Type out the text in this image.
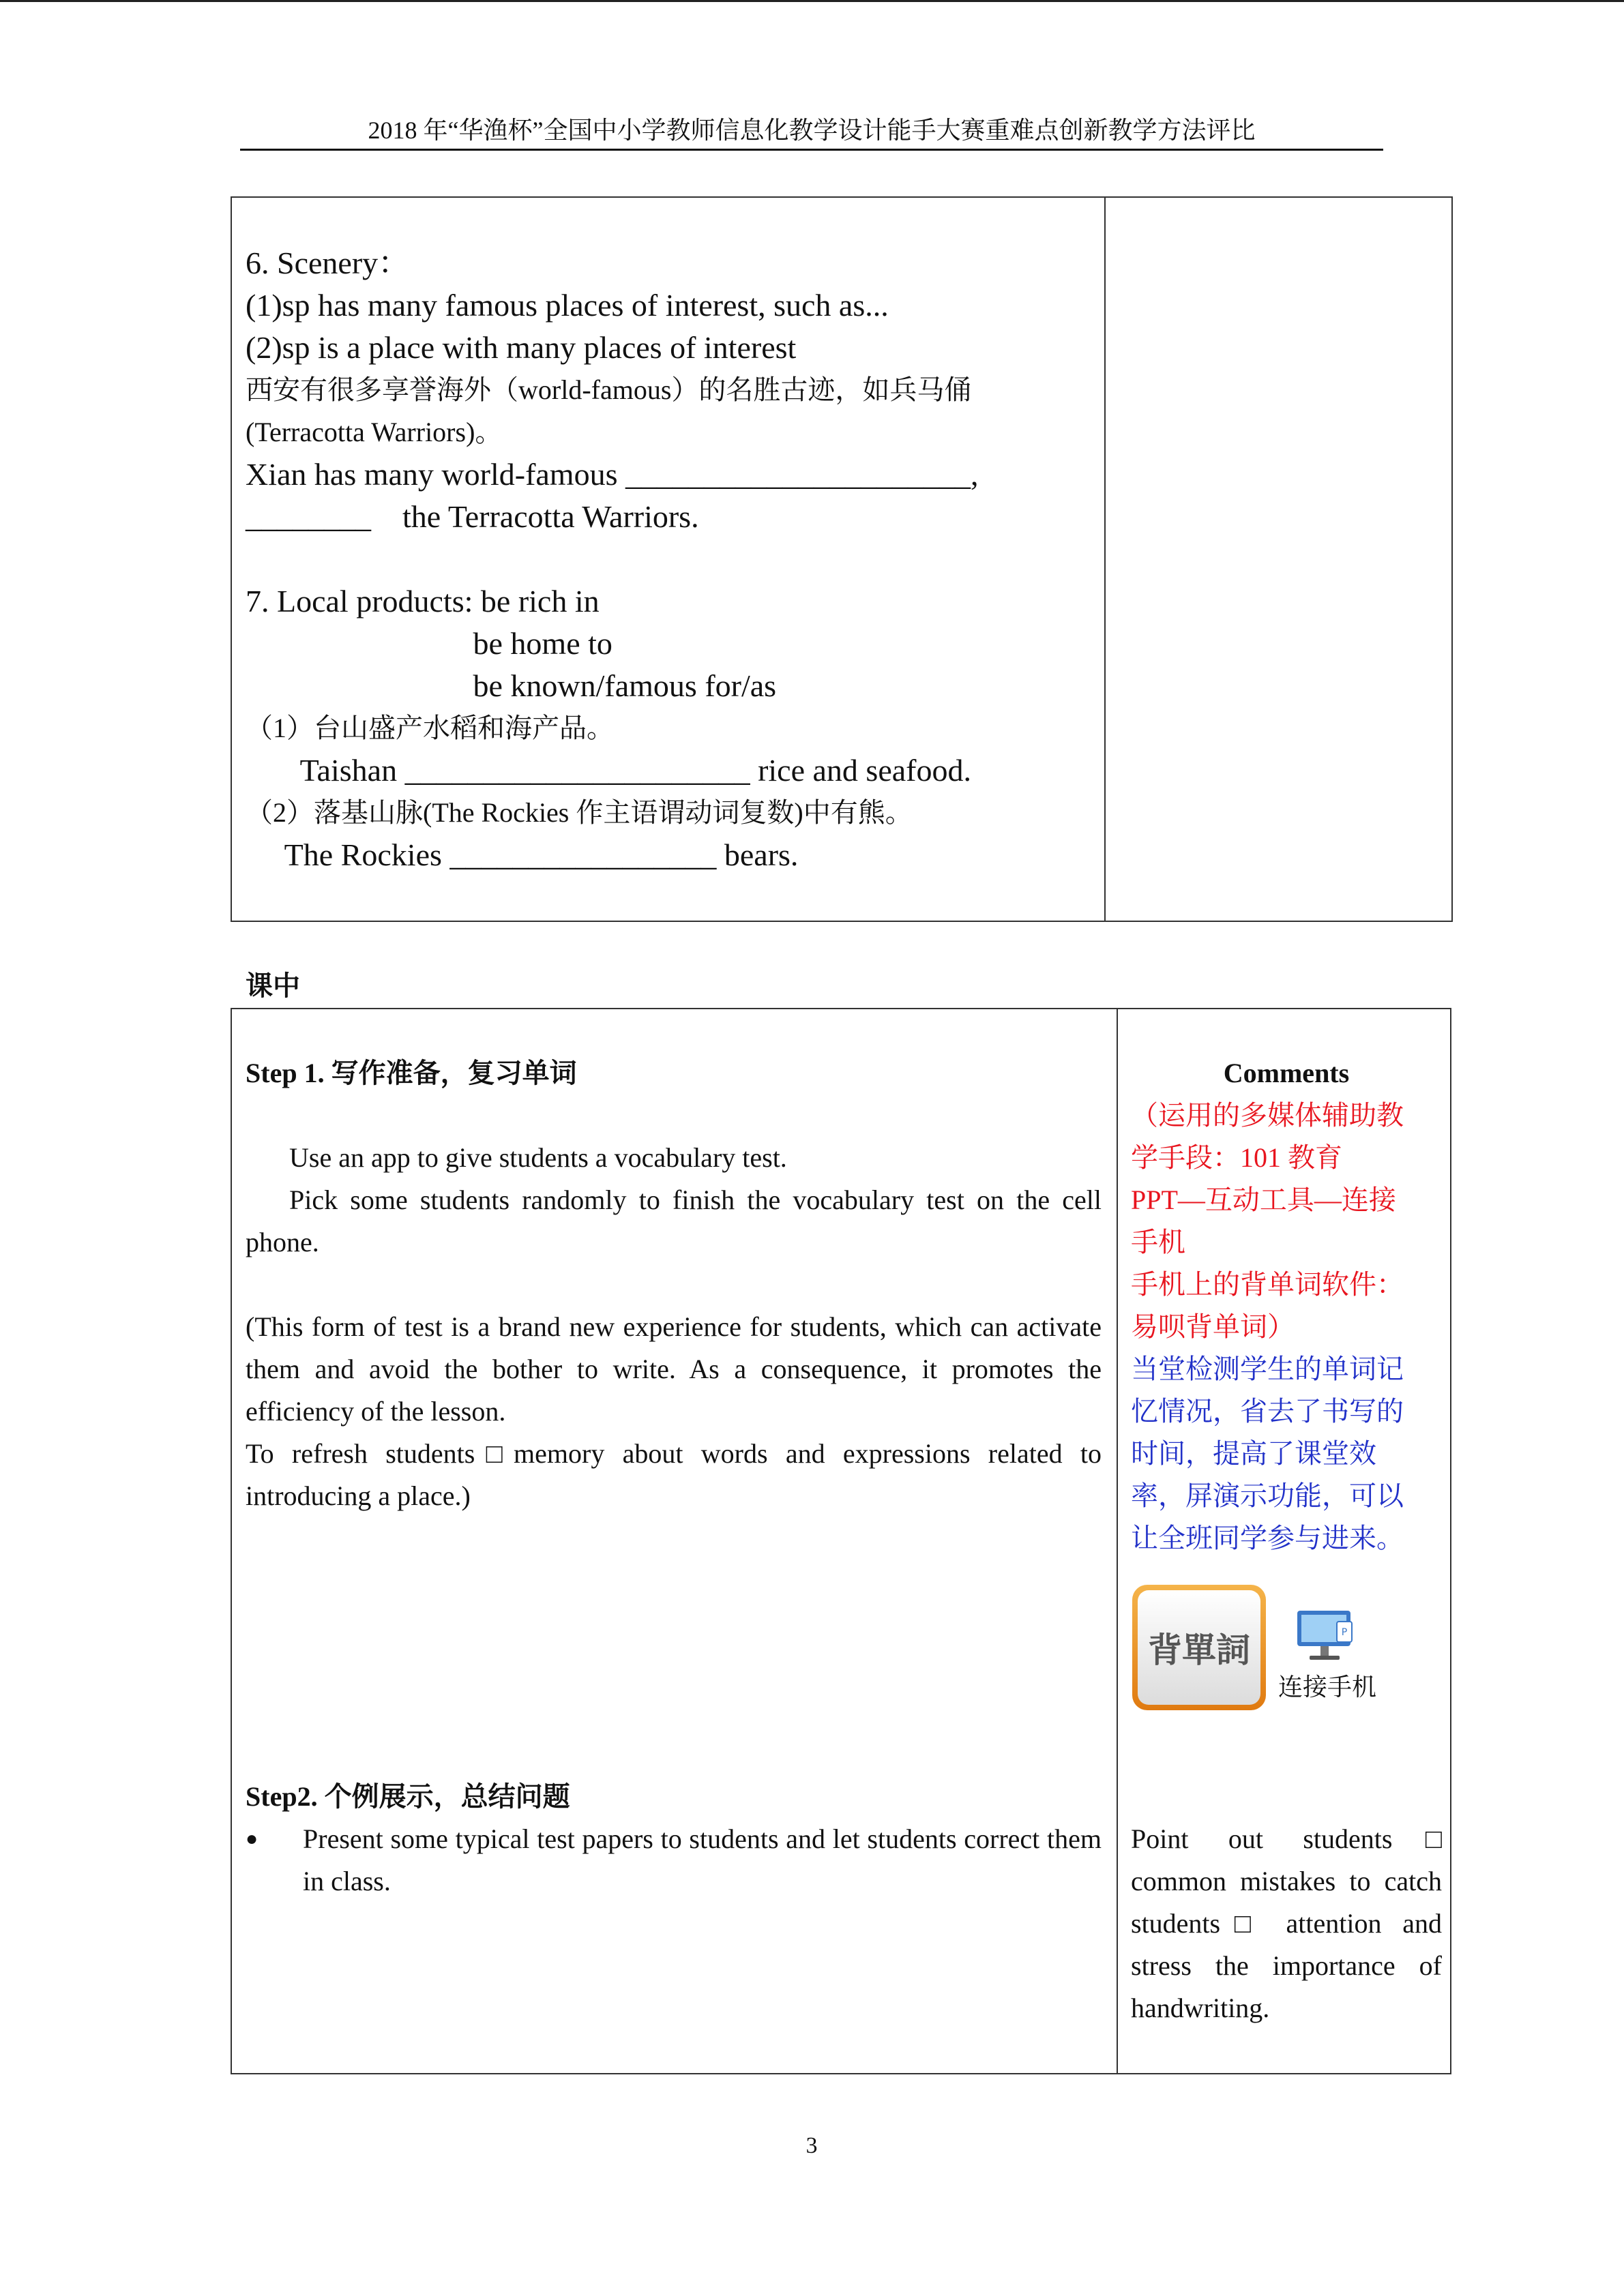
2018 年“华渔杯”全国中小学教师信息化教学设计能手大赛重难点创新教学方法评比
6. Scenery：
(1)sp has many famous places of interest, such as...
(2)sp is a place with many places of interest
西安有很多享誉海外（world-famous）的名胜古迹，如兵马俑
(Terracotta Warriors)。
Xian has many world-famous ______________________,
________    the Terracotta Warriors.
7. Local products: be rich in
be home to
be known/famous for/as
（1）台山盛产水稻和海产品。
Taishan ______________________ rice and seafood.
（2）落基山脉(The Rockies 作主语谓动词复数)中有熊。
The Rockies _________________ bears.
课中
Step 1. 写作准备，复习单词
Use an app to give students a vocabulary test.
Pick some students randomly to finish the vocabulary test on the cell phone.
(This form of test is a brand new experience for students, which can activate them and avoid the bother to write. As a consequence, it promotes the efficiency of the lesson.
To refresh students□memory about words and expressions related to introducing a place.)
Comments
（运用的多媒体辅助教
学手段：101 教育
PPT—互动工具—连接
手机
手机上的背单词软件：
易呗背单词）
当堂检测学生的单词记
忆情况，省去了书写的
时间，提高了课堂效
率，屏演示功能，可以
让全班同学参与进来。
背單詞	P
连接手机
Step2. 个例展示，总结问题
●	Present some typical test papers to students and let students correct them in class.
Point out students□ common mistakes to catch students□ attention and stress the importance of handwriting.
3
